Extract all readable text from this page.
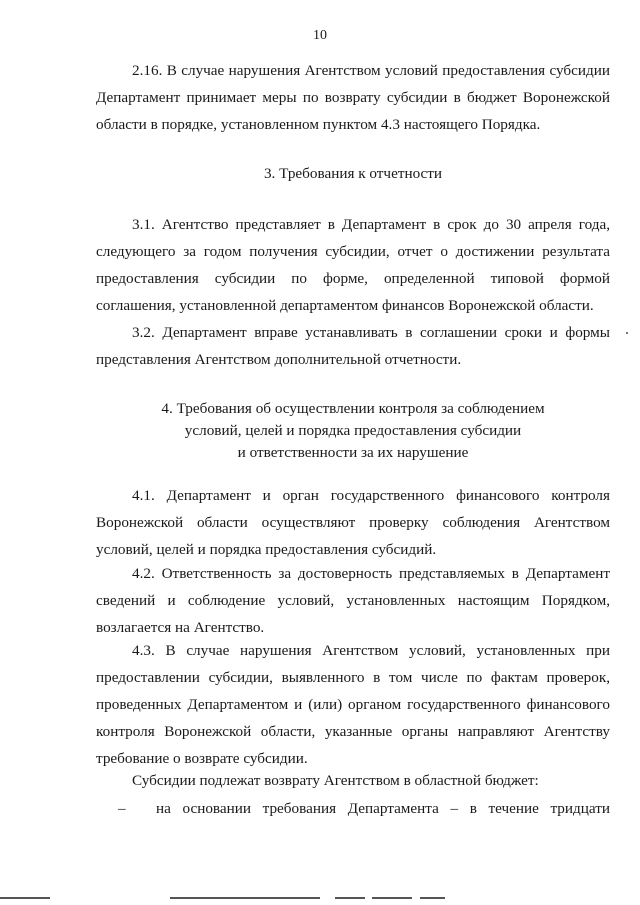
10

2.16. В случае нарушения Агентством условий предоставления субсидии Департамент принимает меры по возврату субсидии в бюджет Воронежской области в порядке, установленном пунктом 4.3 настоящего Порядка.

3. Требования к отчетности

3.1. Агентство представляет в Департамент в срок до 30 апреля года, следующего за годом получения субсидии, отчет о достижении результата предоставления субсидии по форме, определенной типовой формой соглашения, установленной департаментом финансов Воронежской области.

3.2. Департамент вправе устанавливать в соглашении сроки и формы представления Агентством дополнительной отчетности.

4. Требования об осуществлении контроля за соблюдением
условий, целей и порядка предоставления субсидии
и ответственности за их нарушение

4.1. Департамент и орган государственного финансового контроля Воронежской области осуществляют проверку соблюдения Агентством условий, целей и порядка предоставления субсидий.

4.2. Ответственность за достоверность представляемых в Департамент сведений и соблюдение условий, установленных настоящим Порядком, возлагается на Агентство.

4.3. В случае нарушения Агентством условий, установленных при предоставлении субсидии, выявленного в том числе по фактам проверок, проведенных Департаментом и (или) органом государственного финансового контроля Воронежской области, указанные органы направляют Агентству требование о возврате субсидии.

Субсидии подлежат возврату Агентством в областной бюджет:

–	на основании требования Департамента – в течение тридцати
